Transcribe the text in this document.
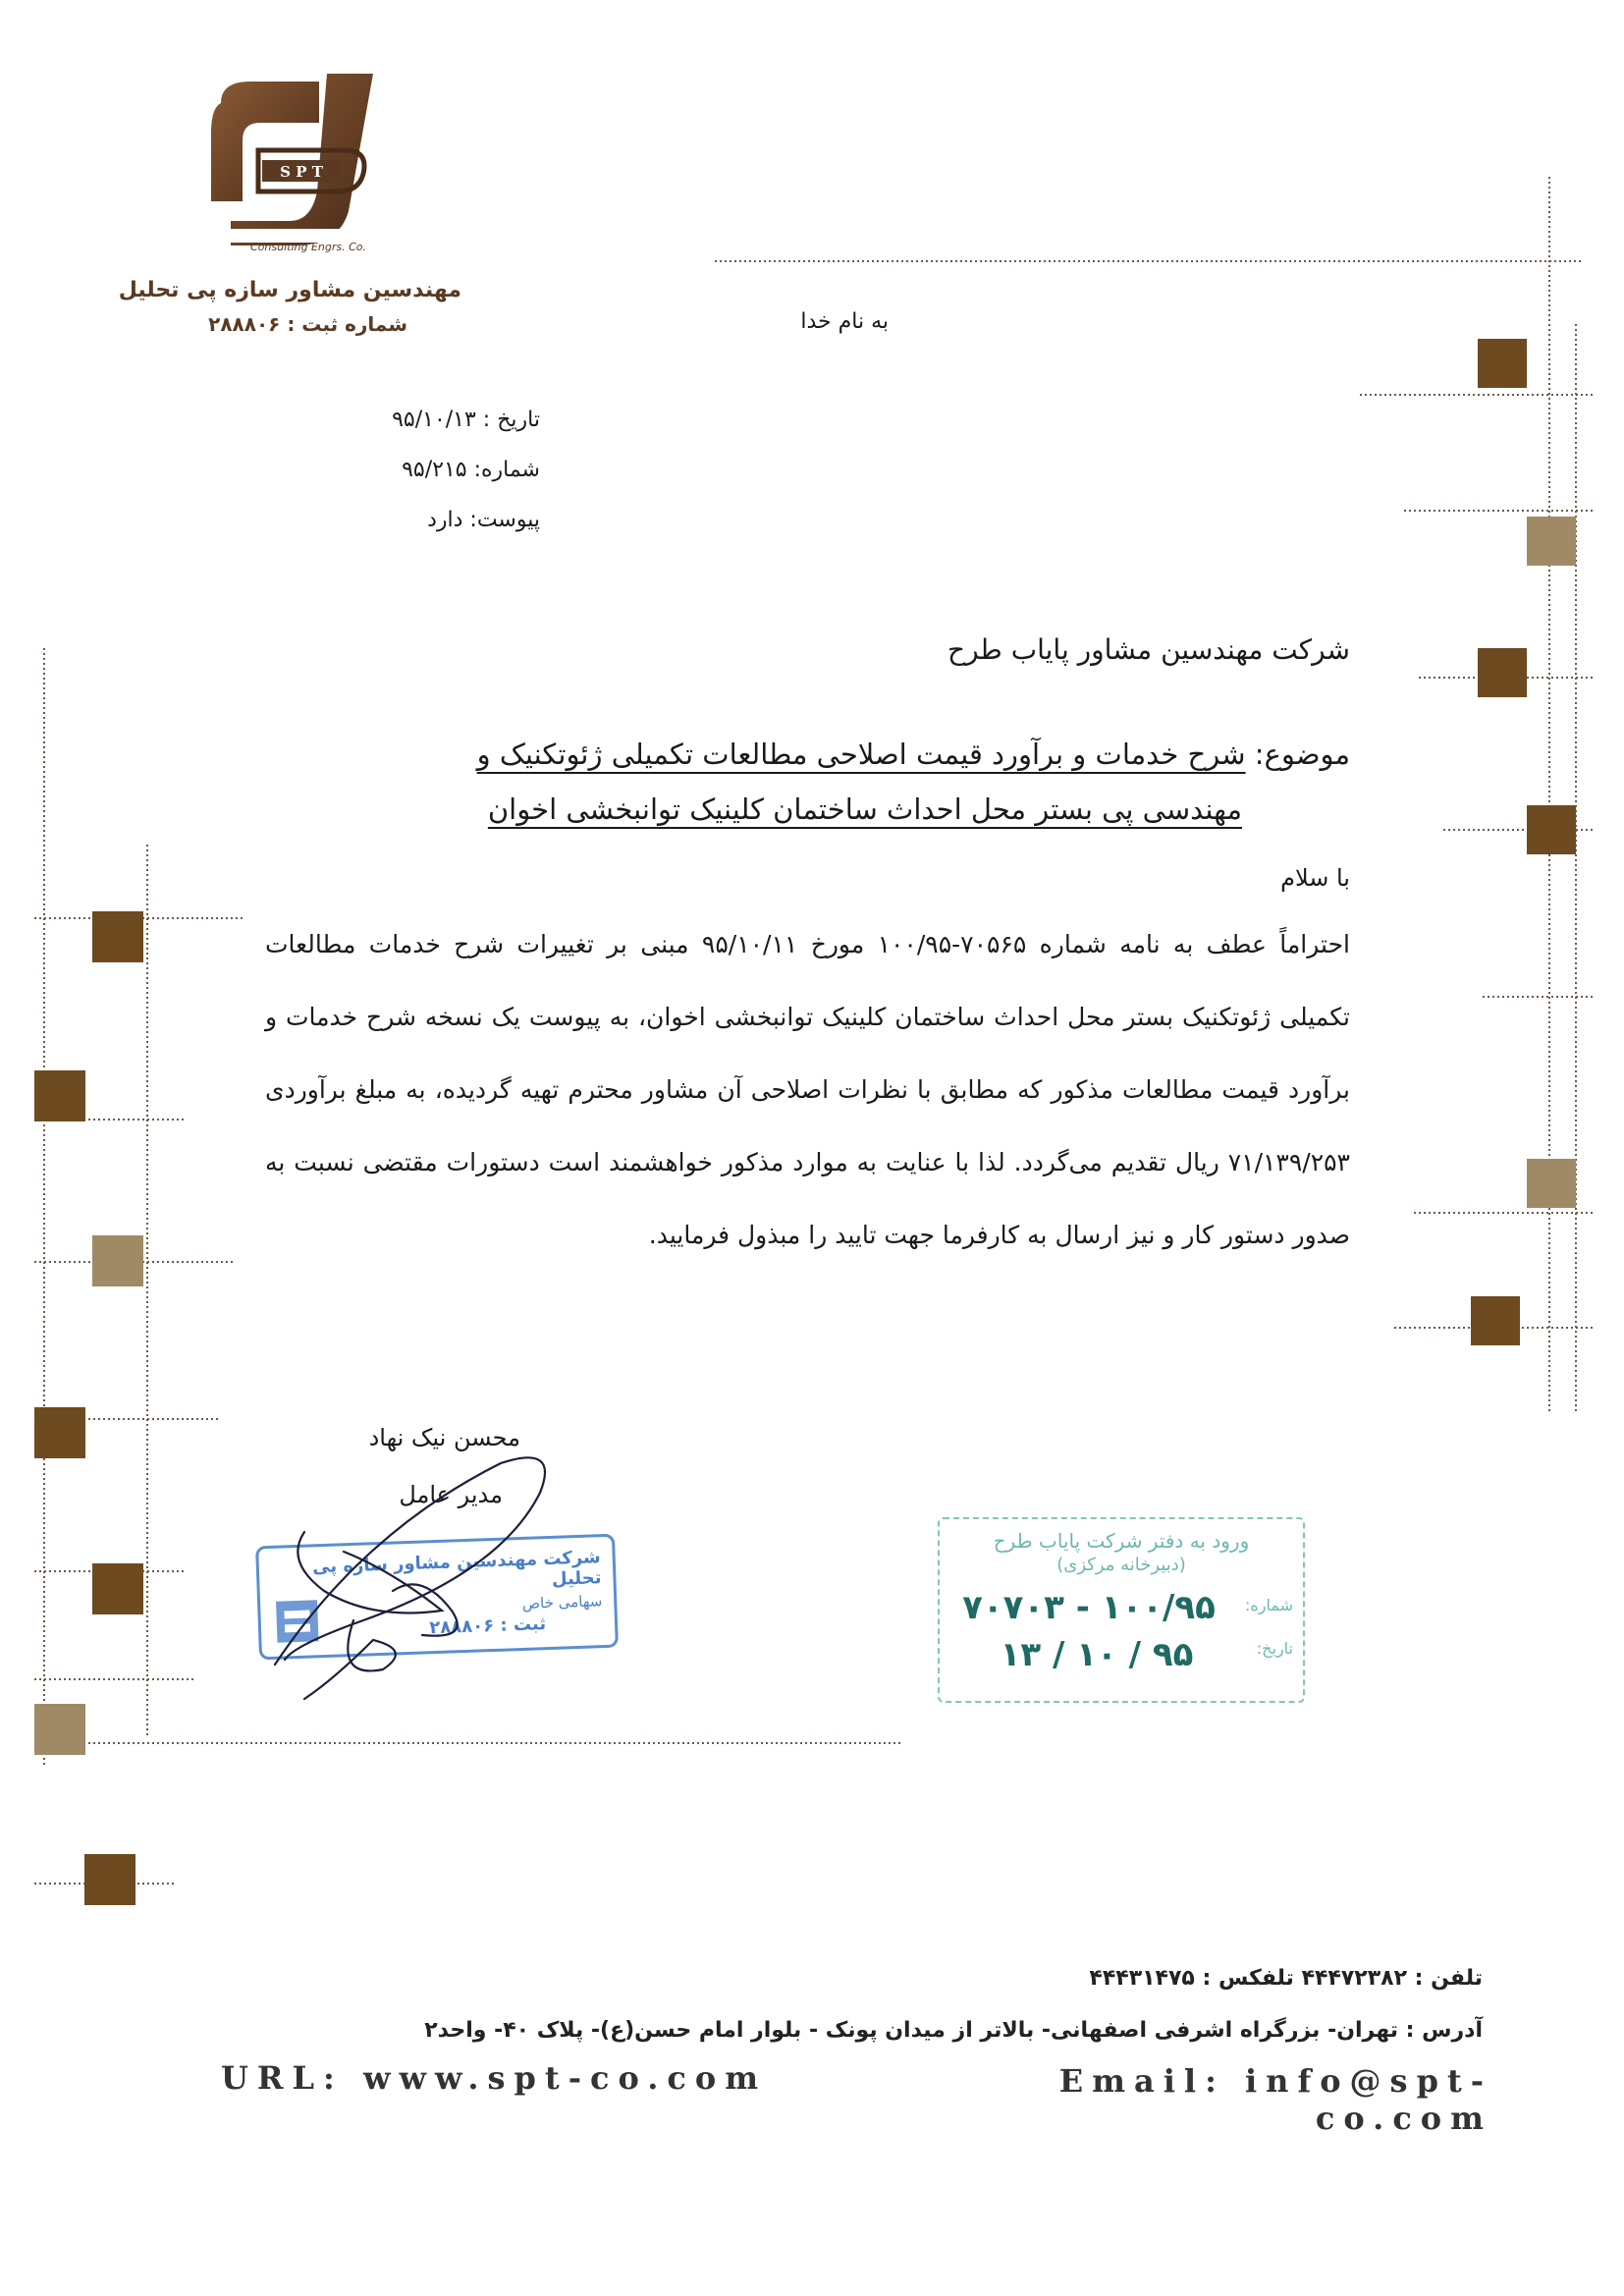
S P T
Consulting Engrs. Co.
مهندسین مشاور سازه پی تحلیل
شماره ثبت : ۲۸۸۸۰۶	به نام خدا
تاریخ : ۹۵/۱۰/۱۳
شماره: ۹۵/۲۱۵
پیوست: دارد
شرکت مهندسین مشاور پایاب طرح
موضوع: شرح خدمات و برآورد قیمت اصلاحی مطالعات تکمیلی ژئوتکنیک و
مهندسی پی بستر محل احداث ساختمان کلینیک توانبخشی اخوان
با سلام
احتراماً عطف به نامه شماره ۷۰۵۶۵-۱۰۰/۹۵ مورخ ۹۵/۱۰/۱۱ مبنی بر تغییرات شرح خدمات مطالعات تکمیلی ژئوتکنیک بستر محل احداث ساختمان کلینیک توانبخشی اخوان، به پیوست یک نسخه شرح خدمات و برآورد قیمت مطالعات مذکور که مطابق با نظرات اصلاحی آن مشاور محترم تهیه گردیده، به مبلغ برآوردی ۷۱/۱۳۹/۲۵۳ ریال تقدیم می‌گردد. لذا با عنایت به موارد مذکور خواهشمند است دستورات مقتضی نسبت به صدور دستور کار و نیز ارسال به کارفرما جهت تایید را مبذول فرمایید.
محسن نیک نهاد
مدیر عامل
شرکت مهندسین مشاور سازه پی تحلیل
سهامی خاص
ثبت : ۲۸۸۸۰۶
ورود به دفتر شرکت پایاب طرح
(دبیرخانه مرکزی)
شماره:
تاریخ:
۱۰۰/۹۵ - ۷۰۷۰۳
۹۵ / ۱۰ / ۱۳
تلفن : ۴۴۴۷۲۳۸۲ تلفکس : ۴۴۴۳۱۴۷۵
آدرس : تهران- بزرگراه اشرفی اصفهانی- بالاتر از میدان پونک - بلوار امام حسن(ع)- پلاک ۴۰- واحد۲
URL: www.spt-co.com	Email: info@spt-co.com
